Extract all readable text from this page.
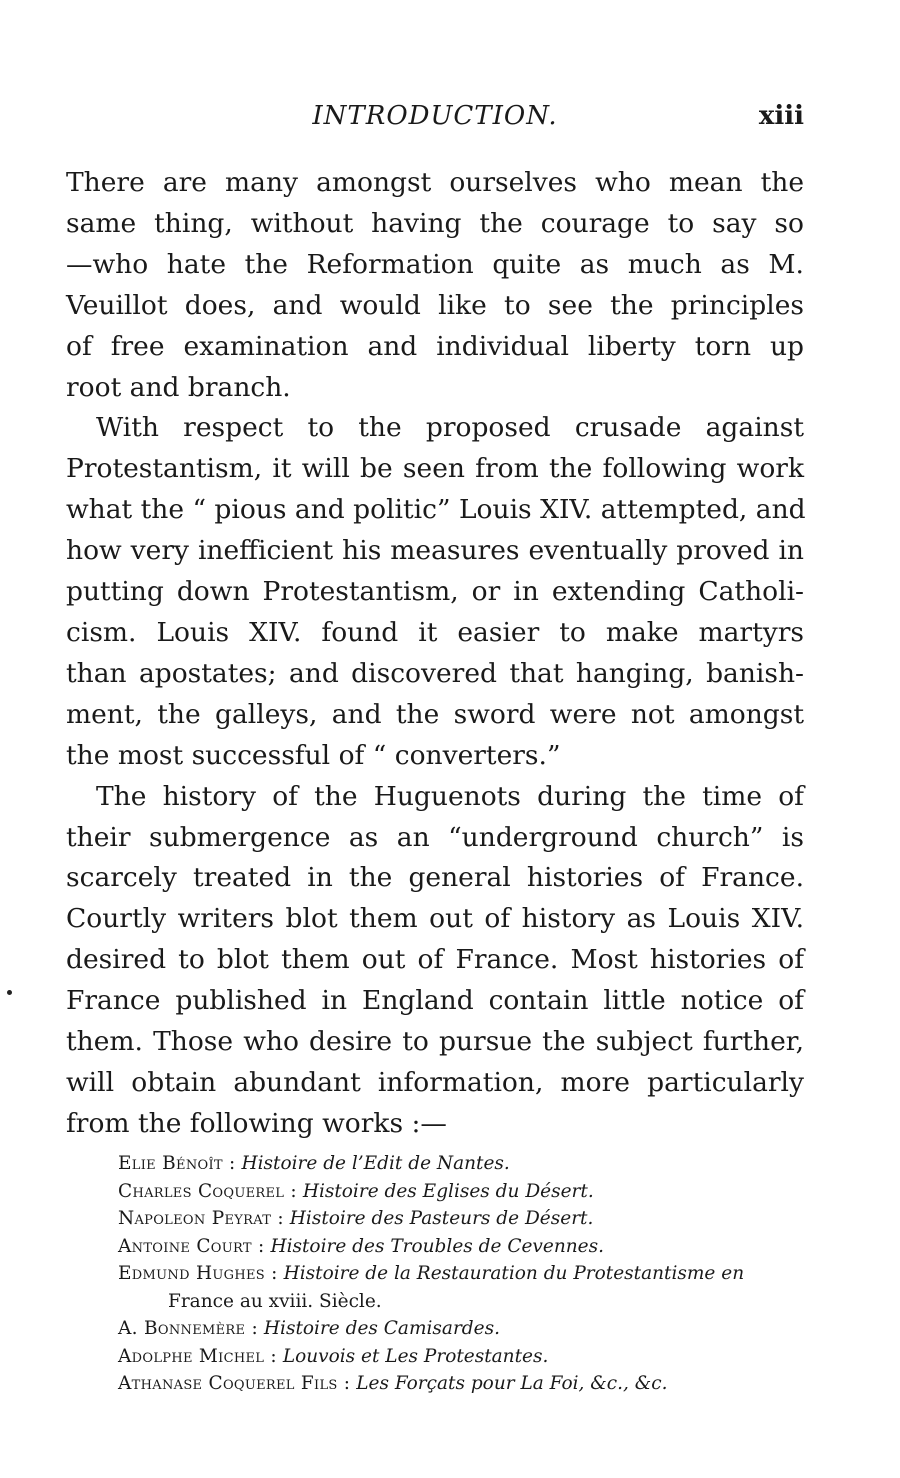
INTRODUCTION.	xiii

There are many amongst ourselves who mean the
same thing, without having the courage to say so
—who hate the Reformation quite as much as M.
Veuillot does, and would like to see the principles
of free examination and individual liberty torn up
root and branch.

With respect to the proposed crusade against
Protestantism, it will be seen from the following work
what the “ pious and politic” Louis XIV. attempted, and
how very inefficient his measures eventually proved in
putting down Protestantism, or in extending Catholi-
cism. Louis XIV. found it easier to make martyrs
than apostates; and discovered that hanging, banish-
ment, the galleys, and the sword were not amongst
the most successful of “ converters.”

The history of the Huguenots during the time of
their submergence as an “underground church” is
scarcely treated in the general histories of France.
Courtly writers blot them out of history as Louis XIV.
desired to blot them out of France. Most histories of
France published in England contain little notice of
them. Those who desire to pursue the subject further,
will obtain abundant information, more particularly
from the following works :—

Elie Bénoît : Histoire de l’Edit de Nantes.
Charles Coquerel : Histoire des Eglises du Désert.
Napoleon Peyrat : Histoire des Pasteurs de Désert.
Antoine Court : Histoire des Troubles de Cevennes.
Edmund Hughes : Histoire de la Restauration du Protestantisme en
France au xviii. Siècle.
A. Bonnemère : Histoire des Camisardes.
Adolphe Michel : Louvois et Les Protestantes.
Athanase Coquerel Fils : Les Forçats pour La Foi, &c., &c.
